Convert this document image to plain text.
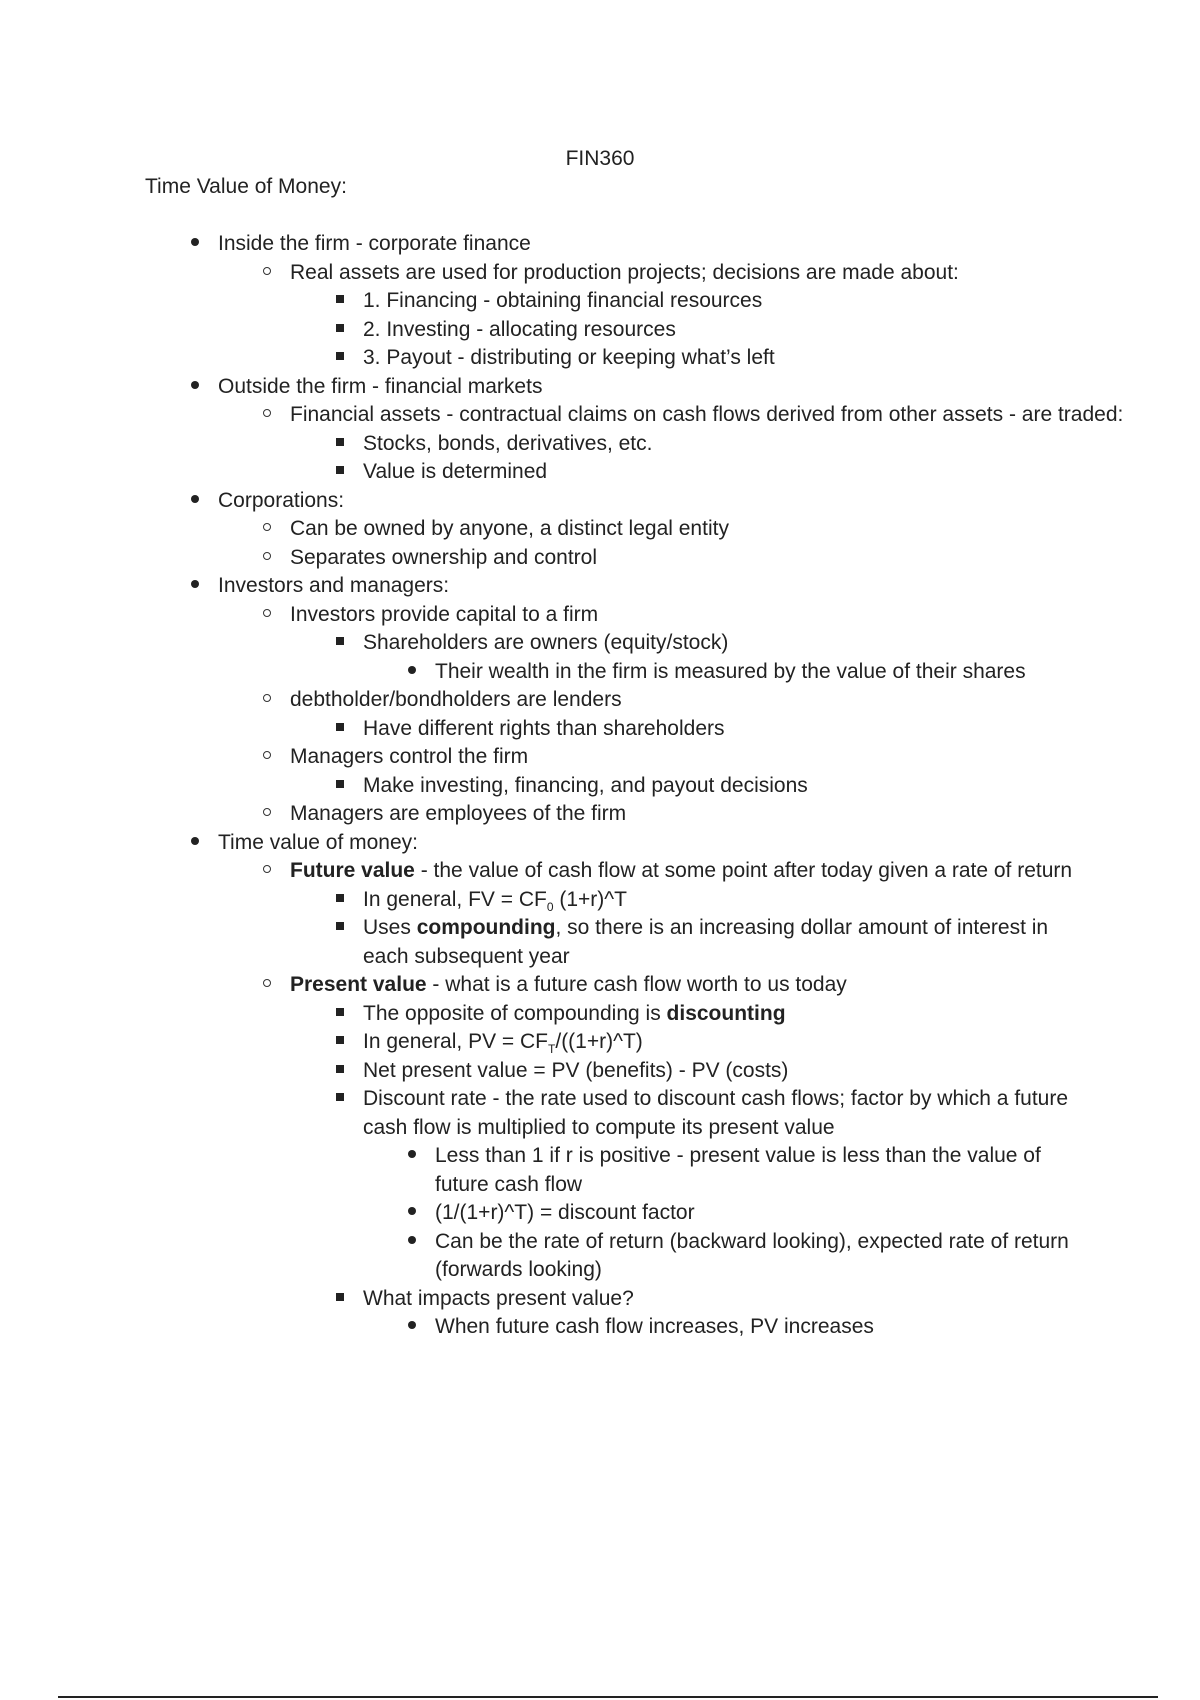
FIN360
Time Value of Money:
Inside the firm - corporate finance
Real assets are used for production projects; decisions are made about:
1. Financing - obtaining financial resources
2. Investing - allocating resources
3. Payout - distributing or keeping what’s left
Outside the firm - financial markets
Financial assets - contractual claims on cash flows derived from other assets - are traded:
Stocks, bonds, derivatives, etc.
Value is determined
Corporations:
Can be owned by anyone, a distinct legal entity
Separates ownership and control
Investors and managers:
Investors provide capital to a firm
Shareholders are owners (equity/stock)
Their wealth in the firm is measured by the value of their shares
debtholder/bondholders are lenders
Have different rights than shareholders
Managers control the firm
Make investing, financing, and payout decisions
Managers are employees of the firm
Time value of money:
Future value - the value of cash flow at some point after today given a rate of return
In general, FV = $CF_0$ (1+r)^T
Uses compounding, so there is an increasing dollar amount of interest in each subsequent year
Present value - what is a future cash flow worth to us today
The opposite of compounding is discounting
In general, PV = $CF_T/((1+r)\^{}T)$
Net present value = PV (benefits) - PV (costs)
Discount rate - the rate used to discount cash flows; factor by which a future cash flow is multiplied to compute its present value
Less than 1 if r is positive - present value is less than the value of future cash flow
(1/(1+r)^T) = discount factor
Can be the rate of return (backward looking), expected rate of return (forwards looking)
What impacts present value?
When future cash flow increases, PV increases
